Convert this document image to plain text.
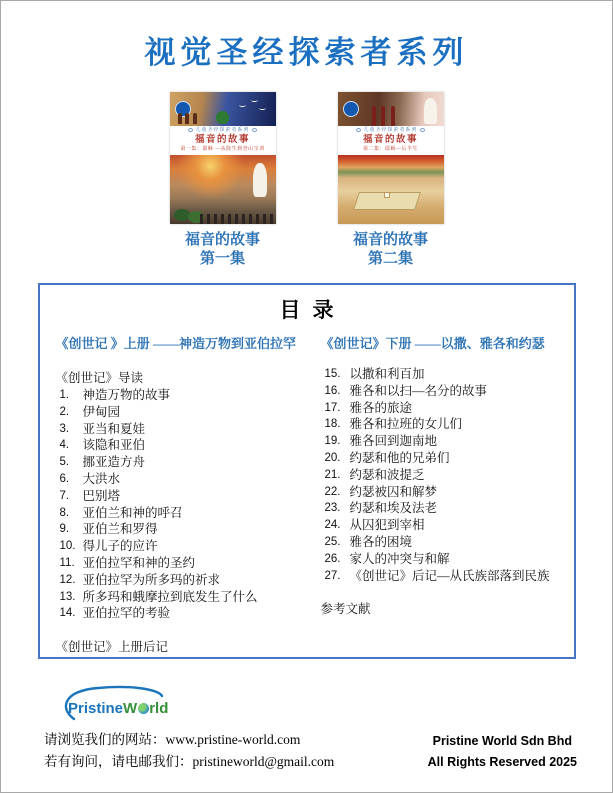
视觉圣经探索者系列
儿童圣经探索者系列
福音的故事
第一集：耶稣 —从降生到登山宝训
福音的故事
第一集
儿童圣经探索者系列
福音的故事
第二集：耶稣—后半生
福音的故事
第二集
目录
《创世记 》上册 ——神造万物到亚伯拉罕
《创世记》导读
1.	神造万物的故事
2.	伊甸园
3.	亚当和夏娃
4.	该隐和亚伯
5.	挪亚造方舟
6.	大洪水
7.	巴别塔
8.	亚伯兰和神的呼召
9.	亚伯兰和罗得
10. 得儿子的应许
11. 亚伯拉罕和神的圣约
12. 亚伯拉罕为所多玛的祈求
13. 所多玛和蛾摩拉到底发生了什么
14. 亚伯拉罕的考验
《创世记》上册后记
《创世记》下册 ——以撒、雅各和约瑟
15. 以撒和利百加
16. 雅各和以扫—名分的故事
17. 雅各的旅途
18. 雅各和拉班的女儿们
19. 雅各回到迦南地
20. 约瑟和他的兄弟们
21. 约瑟和波提乏
22. 约瑟被囚和解梦
23. 约瑟和埃及法老
24. 从囚犯到宰相
25. 雅各的困境
26. 家人的冲突与和解
27. 《创世记》后记—从氏族部落到民族
参考文献
PristineW rld
请浏览我们的网站：www.pristine-world.com
若有询问，请电邮我们：pristineworld@gmail.com
Pristine World Sdn Bhd
All Rights Reserved 2025
